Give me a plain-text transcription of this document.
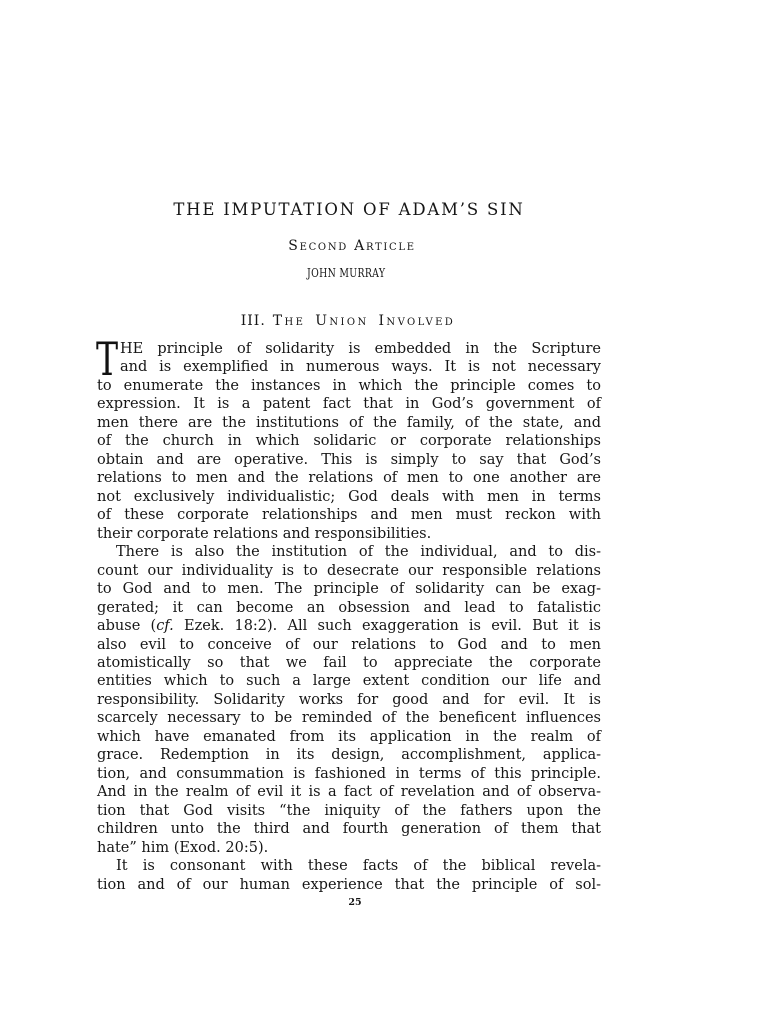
THE IMPUTATION OF ADAM’S SIN
Second Article
JOHN MURRAY
III. The Union Involved
T HE principle of solidarity is embedded in the Scripture
and is exemplified in numerous ways. It is not necessary
to enumerate the instances in which the principle comes to
expression. It is a patent fact that in God’s government of
men there are the institutions of the family, of the state, and
of the church in which solidaric or corporate relationships
obtain and are operative. This is simply to say that God’s
relations to men and the relations of men to one another are
not exclusively individualistic; God deals with men in terms
of these corporate relationships and men must reckon with
their corporate relations and responsibilities.
There is also the institution of the individual, and to dis-
count our individuality is to desecrate our responsible relations
to God and to men. The principle of solidarity can be exag-
gerated; it can become an obsession and lead to fatalistic
abuse (cf. Ezek. 18:2). All such exaggeration is evil. But it is
also evil to conceive of our relations to God and to men
atomistically so that we fail to appreciate the corporate
entities which to such a large extent condition our life and
responsibility. Solidarity works for good and for evil. It is
scarcely necessary to be reminded of the beneficent influences
which have emanated from its application in the realm of
grace. Redemption in its design, accomplishment, applica-
tion, and consummation is fashioned in terms of this principle.
And in the realm of evil it is a fact of revelation and of observa-
tion that God visits “the iniquity of the fathers upon the
children unto the third and fourth generation of them that
hate” him (Exod. 20:5).
It is consonant with these facts of the biblical revela-
tion and of our human experience that the principle of sol-
25
